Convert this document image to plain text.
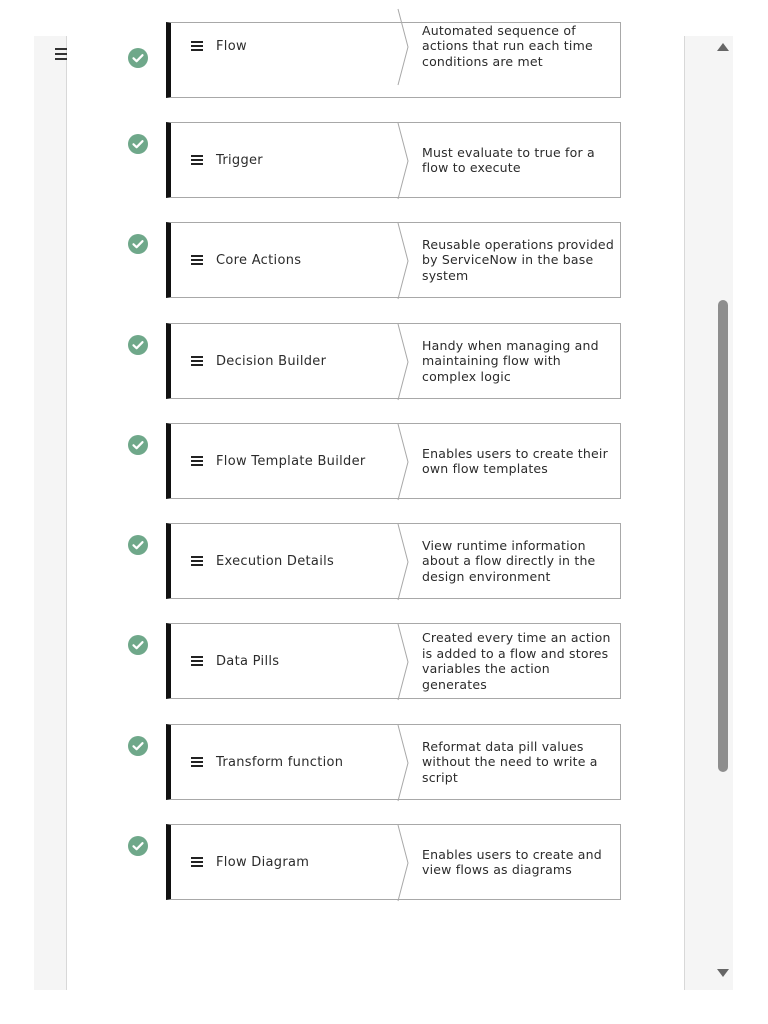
Flow
Automated sequence of actions that run each time conditions are met
Trigger
Must evaluate to true for a flow to execute
Core Actions
Reusable operations provided by ServiceNow in the base system
Decision Builder
Handy when managing and maintaining flow with complex logic
Flow Template Builder
Enables users to create their own flow templates
Execution Details
View runtime information about a flow directly in the design environment
Data Pills
Created every time an action is added to a flow and stores variables the action generates
Transform function
Reformat data pill values without the need to write a script
Flow Diagram
Enables users to create and view flows as diagrams
